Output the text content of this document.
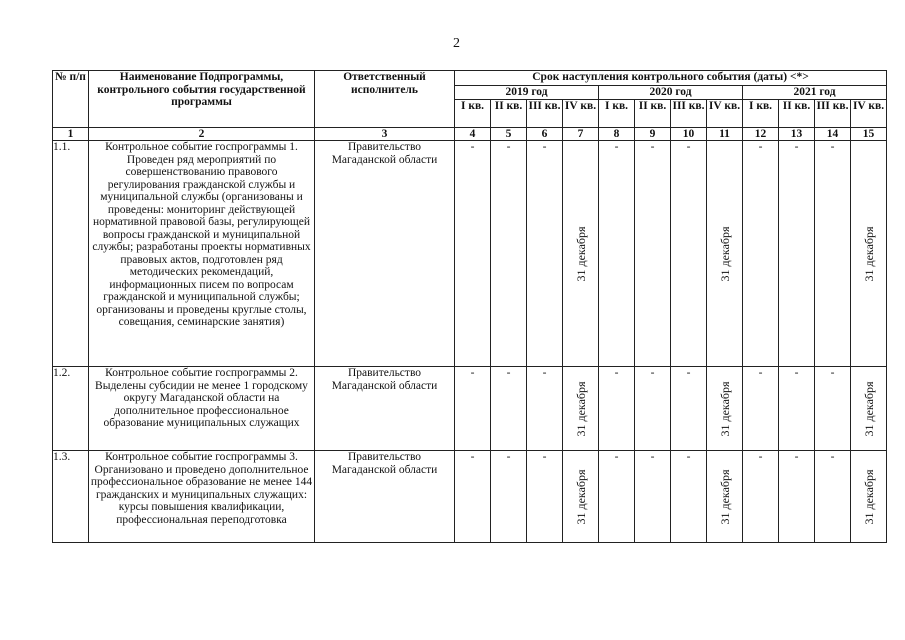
2
№ п/п	Наименование Подпрограммы, контрольного события государственной программы	Ответственный исполнитель	Срок наступления контрольного события (даты) <*>											
			2019 год				2020 год				2021 год			
			I кв.	II кв.	III кв.	IV кв.	I кв.	II кв.	III кв.	IV кв.	I кв.	II кв.	III кв.	IV кв.
1	2	3	4	5	6	7	8	9	10	11	12	13	14	15
1.1.	Контрольное событие госпрограммы 1. Проведен ряд мероприятий по совершенствованию правового регулирования гражданской службы и муниципальной службы (организованы и проведены: мониторинг действующей нормативной правовой базы, регулирующей вопросы гражданской и муниципальной службы; разработаны проекты нормативных правовых актов, подготовлен ряд методических рекомендаций, информационных писем по вопросам гражданской и муниципальной службы; организованы и проведены круглые столы, совещания, семинарские занятия)	Правительство Магаданской области	-	-	-	31 декабря	-	-	-	31 декабря	-	-	-	31 декабря

1.2.	Контрольное событие госпрограммы 2. Выделены субсидии не менее 1 городскому округу Магаданской области на дополнительное профессиональное образование муниципальных служащих	Правительство Магаданской области	-	-	-	31 декабря	-	-	-	31 декабря	-	-	-	31 декабря

1.3.	Контрольное событие госпрограммы 3. Организовано и проведено дополнительное профессиональное образование не менее 144 гражданских и муниципальных служащих: курсы повышения квалификации, профессиональная переподготовка	Правительство Магаданской области	-	-	-	31 декабря	-	-	-	31 декабря	-	-	-	31 декабря
